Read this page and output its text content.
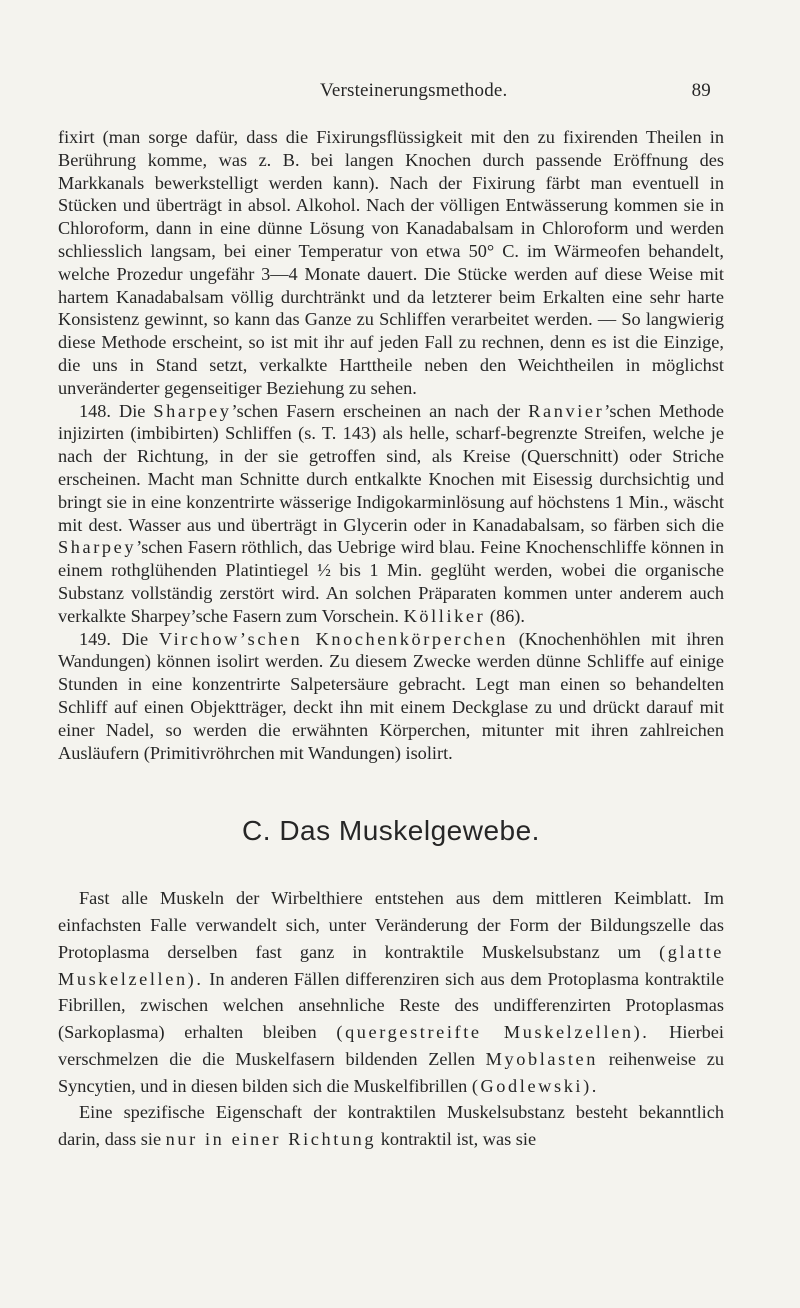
Versteinerungsmethode.	89

fixirt (man sorge dafür, dass die Fixirungsflüssigkeit mit den zu fixirenden Theilen in Berührung komme, was z. B. bei langen Knochen durch passende Eröffnung des Markkanals bewerkstelligt werden kann). Nach der Fixirung färbt man eventuell in Stücken und überträgt in absol. Alkohol. Nach der völligen Entwässerung kommen sie in Chloroform, dann in eine dünne Lösung von Kanadabalsam in Chloroform und werden schliesslich langsam, bei einer Temperatur von etwa 50° C. im Wärmeofen behandelt, welche Prozedur ungefähr 3—4 Monate dauert. Die Stücke werden auf diese Weise mit hartem Kanadabalsam völlig durchtränkt und da letzterer beim Erkalten eine sehr harte Konsistenz gewinnt, so kann das Ganze zu Schliffen verarbeitet werden. — So langwierig diese Methode erscheint, so ist mit ihr auf jeden Fall zu rechnen, denn es ist die Einzige, die uns in Stand setzt, verkalkte Harttheile neben den Weichtheilen in möglichst unveränderter gegenseitiger Beziehung zu sehen.

148. Die Sharpey’schen Fasern erscheinen an nach der Ranvier’schen Methode injizirten (imbibirten) Schliffen (s. T. 143) als helle, scharf-begrenzte Streifen, welche je nach der Richtung, in der sie getroffen sind, als Kreise (Querschnitt) oder Striche erscheinen. Macht man Schnitte durch entkalkte Knochen mit Eisessig durchsichtig und bringt sie in eine konzentrirte wässerige Indigokarminlösung auf höchstens 1 Min., wäscht mit dest. Wasser aus und überträgt in Glycerin oder in Kanadabalsam, so färben sich die Sharpey’schen Fasern röthlich, das Uebrige wird blau. Feine Knochenschliffe können in einem rothglühenden Platintiegel ½ bis 1 Min. geglüht werden, wobei die organische Substanz vollständig zerstört wird. An solchen Präparaten kommen unter anderem auch verkalkte Sharpey’sche Fasern zum Vorschein. Kölliker (86).

149. Die Virchow’schen Knochenkörperchen (Knochenhöhlen mit ihren Wandungen) können isolirt werden. Zu diesem Zwecke werden dünne Schliffe auf einige Stunden in eine konzentrirte Salpetersäure gebracht. Legt man einen so behandelten Schliff auf einen Objektträger, deckt ihn mit einem Deckglase zu und drückt darauf mit einer Nadel, so werden die erwähnten Körperchen, mitunter mit ihren zahlreichen Ausläufern (Primitivröhrchen mit Wandungen) isolirt.

C. Das Muskelgewebe.

Fast alle Muskeln der Wirbelthiere entstehen aus dem mittleren Keimblatt. Im einfachsten Falle verwandelt sich, unter Veränderung der Form der Bildungszelle das Protoplasma derselben fast ganz in kontraktile Muskelsubstanz um (glatte Muskelzellen). In anderen Fällen differenziren sich aus dem Protoplasma kontraktile Fibrillen, zwischen welchen ansehnliche Reste des undifferenzirten Protoplasmas (Sarkoplasma) erhalten bleiben (quergestreifte Muskelzellen). Hierbei verschmelzen die die Muskelfasern bildenden Zellen Myoblasten reihenweise zu Syncytien, und in diesen bilden sich die Muskelfibrillen (Godlewski).

Eine spezifische Eigenschaft der kontraktilen Muskelsubstanz besteht bekanntlich darin, dass sie nur in einer Richtung kontraktil ist, was sie
